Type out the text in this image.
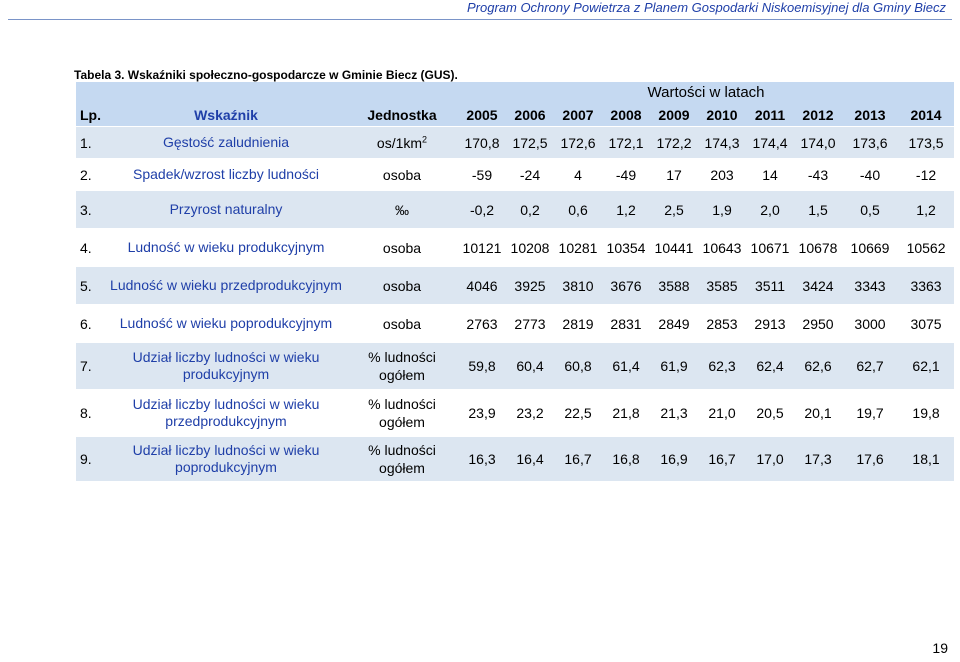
Program Ochrony Powietrza z Planem Gospodarki Niskoemisyjnej dla Gminy Biecz
Tabela 3. Wskaźniki społeczno-gospodarcze w Gminie Biecz (GUS).
			Wartości w latach									
Lp.	Wskaźnik	Jednostka	2005	2006	2007	2008	2009	2010	2011	2012	2013	2014
1.	Gęstość zaludnienia	$os/1km^2$	170,8	172,5	172,6	172,1	172,2	174,3	174,4	174,0	173,6	173,5
2.	Spadek/wzrost liczby ludności	osoba	-59	-24	4	-49	17	203	14	-43	-40	-12
3.	Przyrost naturalny	‰	-0,2	0,2	0,6	1,2	2,5	1,9	2,0	1,5	0,5	1,2
4.	Ludność w wieku produkcyjnym	osoba	10121	10208	10281	10354	10441	10643	10671	10678	10669	10562
5.	Ludność w wieku przedprodukcyjnym	osoba	4046	3925	3810	3676	3588	3585	3511	3424	3343	3363
6.	Ludność w wieku poprodukcyjnym	osoba	2763	2773	2819	2831	2849	2853	2913	2950	3000	3075
7.	Udział liczby ludności w wieku produkcyjnym	% ludności ogółem	59,8	60,4	60,8	61,4	61,9	62,3	62,4	62,6	62,7	62,1
8.	Udział liczby ludności w wieku przedprodukcyjnym	% ludności ogółem	23,9	23,2	22,5	21,8	21,3	21,0	20,5	20,1	19,7	19,8
9.	Udział liczby ludności w wieku poprodukcyjnym	% ludności ogółem	16,3	16,4	16,7	16,8	16,9	16,7	17,0	17,3	17,6	18,1
19
